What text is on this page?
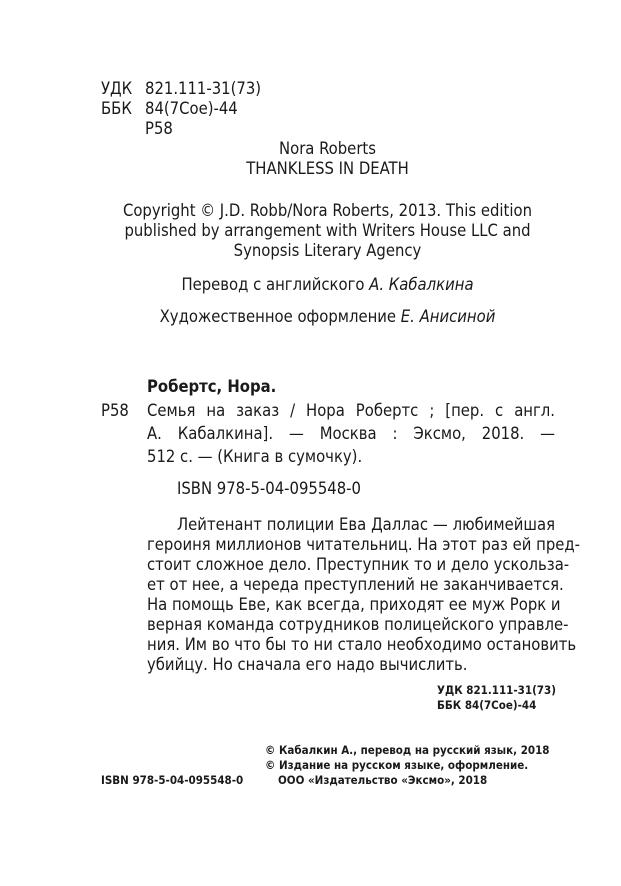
УДК 821.111-31(73)
ББК 84(7Сое)-44
Р58
Nora Roberts
THANKLESS IN DEATH
Copyright © J.D. Robb/Nora Roberts, 2013. This edition
published by arrangement with Writers House LLC and
Synopsis Literary Agency
Перевод с английского А. Кабалкина
Художественное оформление Е. Анисиной
Робертс, Нора.
Р58 Семья на заказ / Нора Робертс ; [пер. с англ.
А. Кабалкина]. — Москва : Эксмо, 2018. —
512 с. — (Книга в сумочку).
ISBN 978-5-04-095548-0
Лейтенант полиции Ева Даллас — любимейшая
героиня миллионов читательниц. На этот раз ей пред-
стоит сложное дело. Преступник то и дело ускольза-
ет от нее, а череда преступлений не заканчивается.
На помощь Еве, как всегда, приходят ее муж Рорк и
верная команда сотрудников полицейского управле-
ния. Им во что бы то ни стало необходимо остановить
убийцу. Но сначала его надо вычислить.
УДК 821.111-31(73)
ББК 84(7Сое)-44
© Кабалкин А., перевод на русский язык, 2018
© Издание на русском языке, оформление.
ISBN 978-5-04-095548-0	ООО «Издательство «Эксмо», 2018
